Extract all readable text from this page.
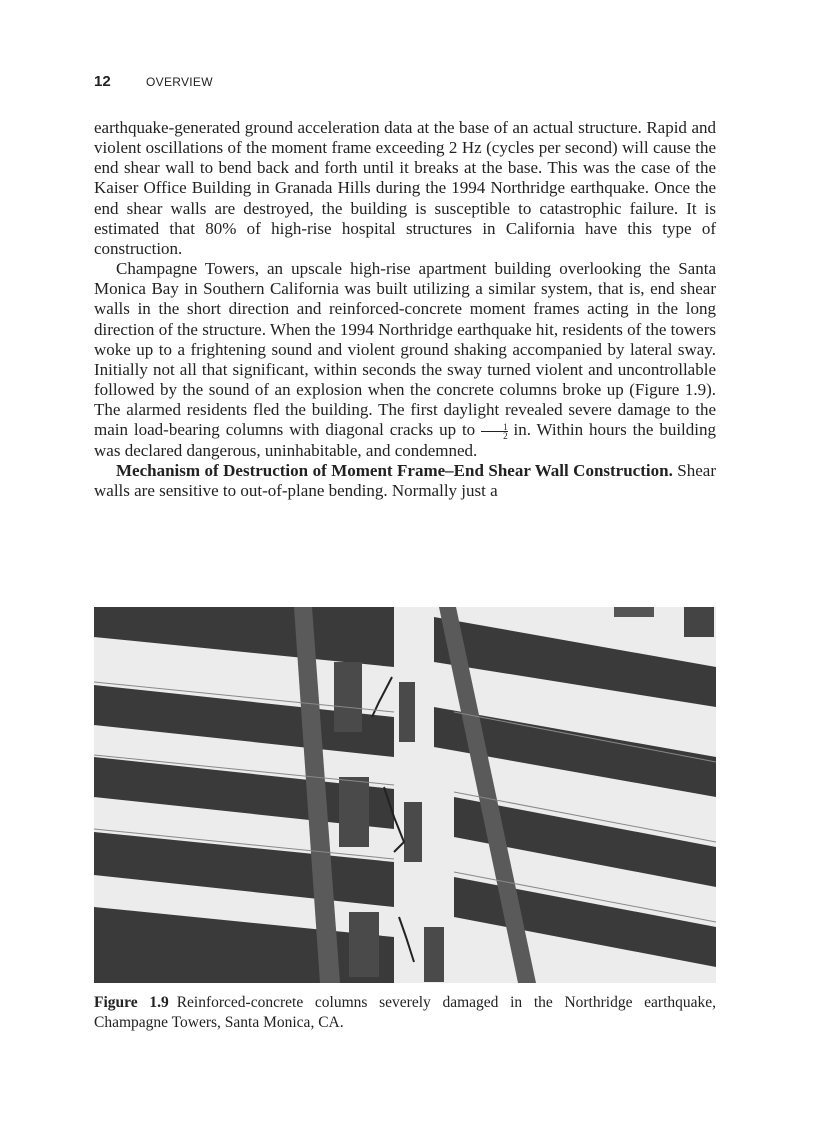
12	OVERVIEW

earthquake-generated ground acceleration data at the base of an actual structure. Rapid and violent oscillations of the moment frame exceeding 2 Hz (cycles per second) will cause the end shear wall to bend back and forth until it breaks at the base. This was the case of the Kaiser Office Building in Granada Hills during the 1994 Northridge earthquake. Once the end shear walls are destroyed, the building is susceptible to catastrophic failure. It is estimated that 80% of high-rise hospital structures in California have this type of construction.

Champagne Towers, an upscale high-rise apartment building overlooking the Santa Monica Bay in Southern California was built utilizing a similar system, that is, end shear walls in the short direction and reinforced-concrete moment frames acting in the long direction of the structure. When the 1994 Northridge earthquake hit, residents of the towers woke up to a frightening sound and violent ground shaking accompanied by lateral sway. Initially not all that significant, within seconds the sway turned violent and uncontrollable followed by the sound of an explosion when the concrete columns broke up (Figure 1.9). The alarmed residents fled the building. The first daylight revealed severe damage to the main load-bearing columns with diagonal cracks up to $\frac{1}{2}$ in. Within hours the building was declared dangerous, uninhabitable, and condemned.

Mechanism of Destruction of Moment Frame–End Shear Wall Construction. Shear walls are sensitive to out-of-plane bending. Normally just a

Figure 1.9 Reinforced-concrete columns severely damaged in the Northridge earthquake, Champagne Towers, Santa Monica, CA.
